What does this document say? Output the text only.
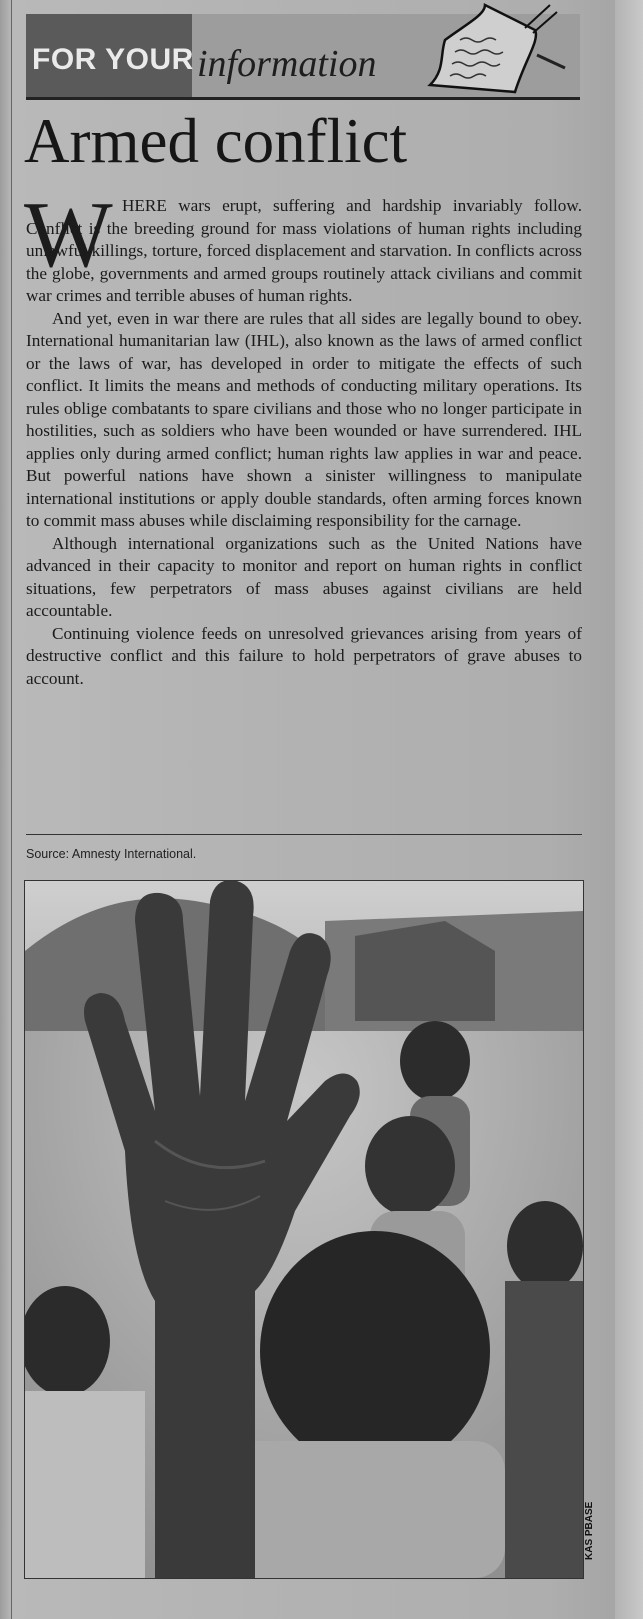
FOR YOUR information
Armed conflict
W HERE wars erupt, suffering and hardship invariably follow. Conflict is the breeding ground for mass violations of human rights including unlawful killings, torture, forced displacement and starvation. In conflicts across the globe, governments and armed groups routinely attack civilians and commit war crimes and terrible abuses of human rights.

And yet, even in war there are rules that all sides are legally bound to obey. International humanitarian law (IHL), also known as the laws of armed conflict or the laws of war, has developed in order to mitigate the effects of such conflict. It limits the means and methods of conducting military operations. Its rules oblige combatants to spare civilians and those who no longer participate in hostilities, such as soldiers who have been wounded or have surrendered. IHL applies only during armed conflict; human rights law applies in war and peace. But powerful nations have shown a sinister willingness to manipulate international institutions or apply double standards, often arming forces known to commit mass abuses while disclaiming responsibility for the carnage.

Although international organizations such as the United Nations have advanced in their capacity to monitor and report on human rights in conflict situations, few perpetrators of mass abuses against civilians are held accountable.

Continuing violence feeds on unresolved grievances arising from years of destructive conflict and this failure to hold perpetrators of grave abuses to account.

Source: Amnesty International.
KAS PBASE
